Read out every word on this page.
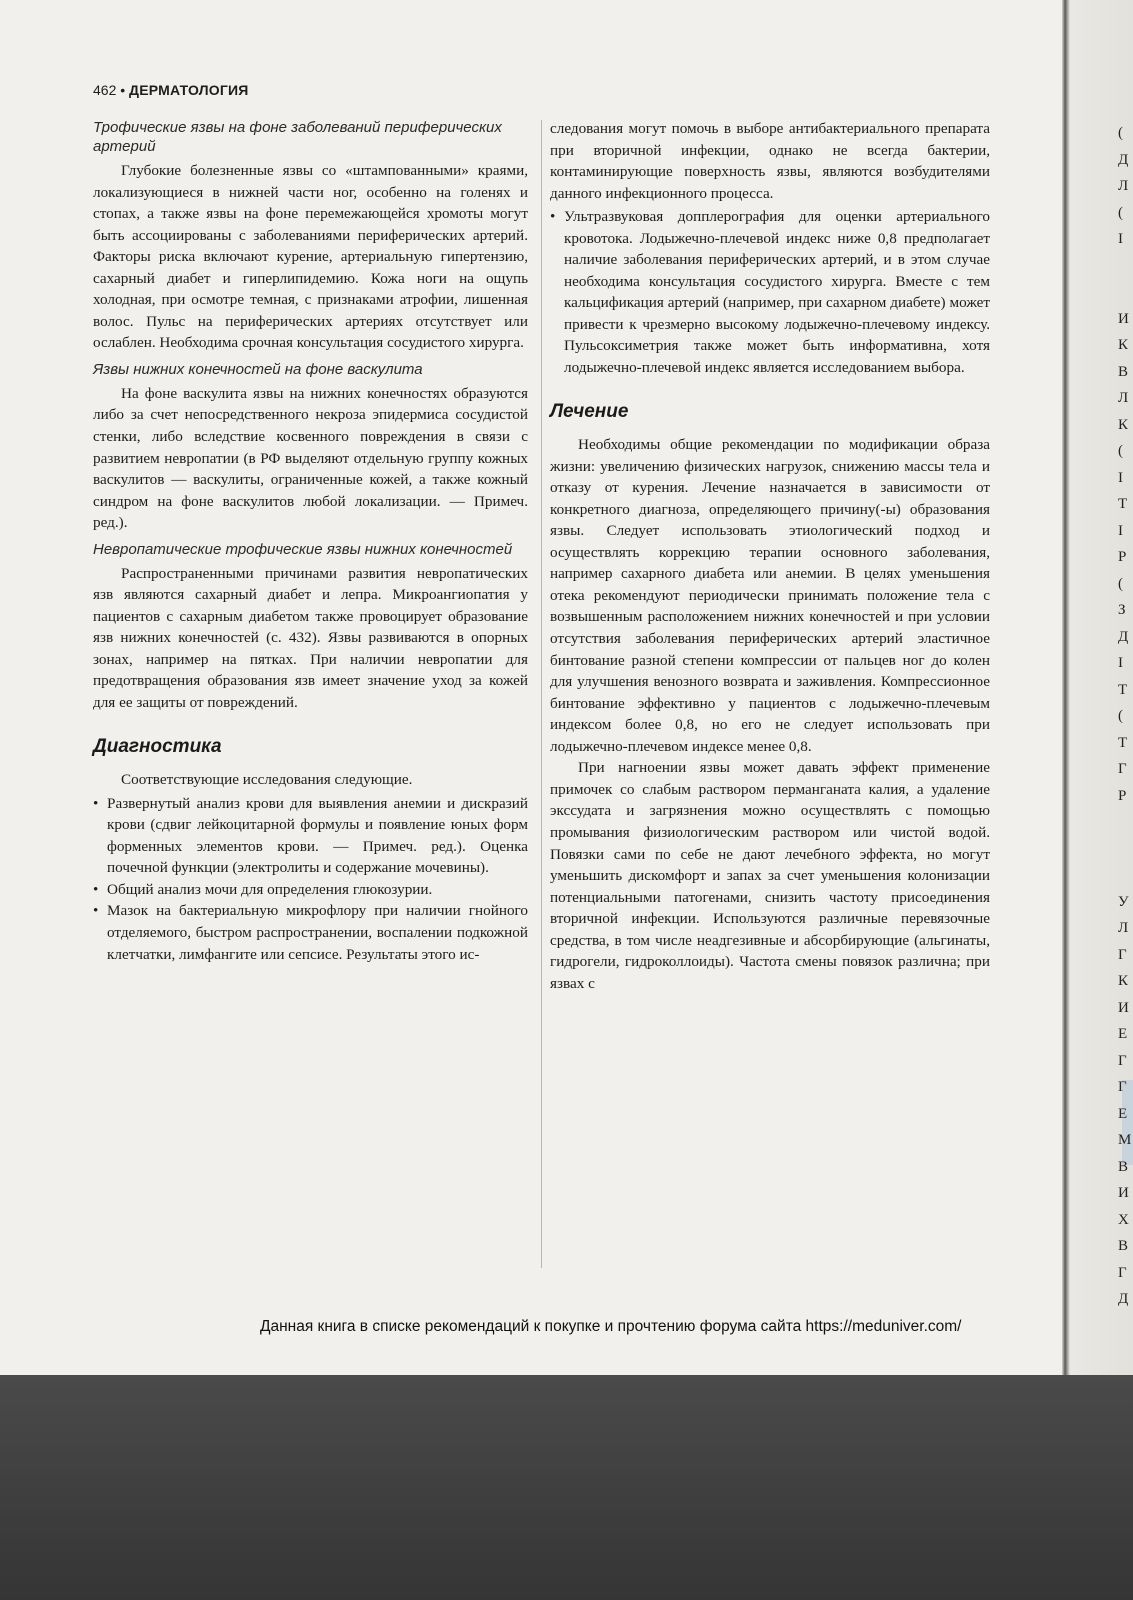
462 • ДЕРМАТОЛОГИЯ
Трофические язвы на фоне заболеваний периферических артерий

Глубокие болезненные язвы со «штампованными» краями, локализующиеся в нижней части ног, особенно на голенях и стопах, а также язвы на фоне перемежающейся хромоты могут быть ассоциированы с заболеваниями периферических артерий. Факторы риска включают курение, артериальную гипертензию, сахарный диабет и гиперлипидемию. Кожа ноги на ощупь холодная, при осмотре темная, с признаками атрофии, лишенная волос. Пульс на периферических артериях отсутствует или ослаблен. Необходима срочная консультация сосудистого хирурга.

Язвы нижних конечностей на фоне васкулита

На фоне васкулита язвы на нижних конечностях образуются либо за счет непосредственного некроза эпидермиса сосудистой стенки, либо вследствие косвенного повреждения в связи с развитием невропатии (в РФ выделяют отдельную группу кожных васкулитов — васкулиты, ограниченные кожей, а также кожный синдром на фоне васкулитов любой локализации. — Примеч. ред.).

Невропатические трофические язвы нижних конечностей

Распространенными причинами развития невропатических язв являются сахарный диабет и лепра. Микроангиопатия у пациентов с сахарным диабетом также провоцирует образование язв нижних конечностей (с. 432). Язвы развиваются в опорных зонах, например на пятках. При наличии невропатии для предотвращения образования язв имеет значение уход за кожей для ее защиты от повреждений.

Диагностика

Соответствующие исследования следующие.

• Развернутый анализ крови для выявления анемии и дискразий крови (сдвиг лейкоцитарной формулы и появление юных форм форменных элементов крови. — Примеч. ред.). Оценка почечной функции (электролиты и содержание мочевины).
• Общий анализ мочи для определения глюкозурии.
• Мазок на бактериальную микрофлору при наличии гнойного отделяемого, быстром распространении, воспалении подкожной клетчатки, лимфангите или сепсисе. Результаты этого ис-

следования могут помочь в выборе антибактериального препарата при вторичной инфекции, однако не всегда бактерии, контаминирующие поверхность язвы, являются возбудителями данного инфекционного процесса.

• Ультразвуковая допплерография для оценки артериального кровотока. Лодыжечно-плечевой индекс ниже 0,8 предполагает наличие заболевания периферических артерий, и в этом случае необходима консультация сосудистого хирурга. Вместе с тем кальцификация артерий (например, при сахарном диабете) может привести к чрезмерно высокому лодыжечно-плечевому индексу. Пульсоксиметрия также может быть информативна, хотя лодыжечно-плечевой индекс является исследованием выбора.
Лечение

Необходимы общие рекомендации по модификации образа жизни: увеличению физических нагрузок, снижению массы тела и отказу от курения. Лечение назначается в зависимости от конкретного диагноза, определяющего причину(-ы) образования язвы. Следует использовать этиологический подход и осуществлять коррекцию терапии основного заболевания, например сахарного диабета или анемии. В целях уменьшения отека рекомендуют периодически принимать положение тела с возвышенным расположением нижних конечностей и при условии отсутствия заболевания периферических артерий эластичное бинтование разной степени компрессии от пальцев ног до колен для улучшения венозного возврата и заживления. Компрессионное бинтование эффективно у пациентов с лодыжечно-плечевым индексом более 0,8, но его не следует использовать при лодыжечно-плечевом индексе менее 0,8.

При нагноении язвы может давать эффект применение примочек со слабым раствором перманганата калия, а удаление экссудата и загрязнения можно осуществлять с помощью промывания физиологическим раствором или чистой водой. Повязки сами по себе не дают лечебного эффекта, но могут уменьшить дискомфорт и запах за счет уменьшения колонизации потенциальными патогенами, снизить частоту присоединения вторичной инфекции. Используются различные перевязочные средства, в том числе неадгезивные и абсорбирующие (альгинаты, гидрогели, гидроколлоиды). Частота смены повязок различна; при язвах с

Данная книга в списке рекомендаций к покупке и прочтению форума сайта https://meduniver.com/
(
Д
Л
(
I

И
К
В
Л
К
(
I
Т
I
Р
(
З
Д
I
Т
(
Т
Г
Р

У
Л
Г
К
И
Е
Г
Г
Е
М
В
И
Х
В
Г
Д
